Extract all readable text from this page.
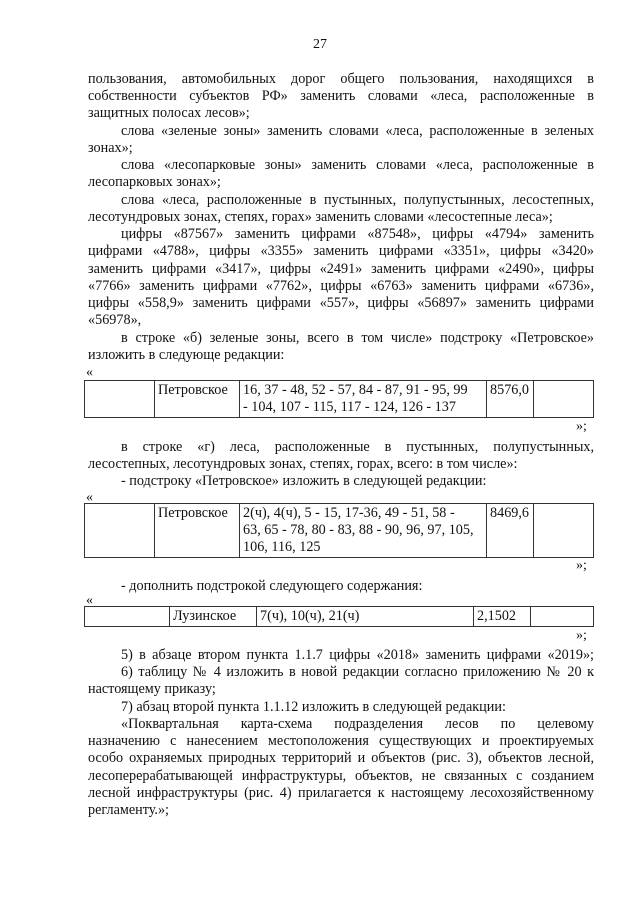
27
пользования, автомобильных дорог общего пользования, находящихся в
собственности субъектов РФ» заменить словами «леса, расположенные в
защитных полосах лесов»;
слова «зеленые зоны» заменить словами «леса, расположенные в зеленых
зонах»;
слова «лесопарковые зоны» заменить словами «леса, расположенные в
лесопарковых зонах»;
слова «леса, расположенные в пустынных, полупустынных, лесостепных,
лесотундровых зонах, степях, горах» заменить словами «лесостепные леса»;
цифры «87567» заменить цифрами «87548», цифры «4794» заменить
цифрами «4788», цифры «3355» заменить цифрами «3351», цифры «3420»
заменить цифрами «3417», цифры «2491» заменить цифрами «2490», цифры
«7766» заменить цифрами «7762», цифры «6763» заменить цифрами «6736»,
цифры «558,9» заменить цифрами «557», цифры «56897» заменить цифрами
«56978»,
в строке «б) зеленые зоны, всего в том числе» подстроку «Петровское»
изложить в следующе редакции:
«
	Петровское	16, 37 - 48, 52 - 57, 84 - 87, 91 - 95, 99
- 104, 107 - 115, 117 - 124, 126 - 137
	8576,0	
»;
в строке «г) леса, расположенные в пустынных, полупустынных,
лесостепных, лесотундровых зонах, степях, горах, всего: в том числе»:
- подстроку «Петровское» изложить в следующей редакции:
«
	Петровское	2(ч), 4(ч), 5 - 15, 17-36, 49 - 51, 58 -
63, 65 - 78, 80 - 83, 88 - 90, 96, 97, 105,
106, 116, 125
	8469,6	
»;
- дополнить подстрокой следующего содержания:
«
	Лузинское	7(ч), 10(ч), 21(ч)	2,1502	
»;
5) в абзаце втором пункта 1.1.7 цифры «2018» заменить цифрами «2019»;
6) таблицу № 4 изложить в новой редакции согласно приложению № 20 к
настоящему приказу;
7) абзац второй пункта 1.1.12 изложить в следующей редакции:
«Поквартальная карта-схема подразделения лесов по целевому
назначению с нанесением местоположения существующих и проектируемых
особо охраняемых природных территорий и объектов (рис. 3), объектов лесной,
лесоперерабатывающей инфраструктуры, объектов, не связанных с созданием
лесной инфраструктуры (рис. 4) прилагается к настоящему лесохозяйственному
регламенту.»;
